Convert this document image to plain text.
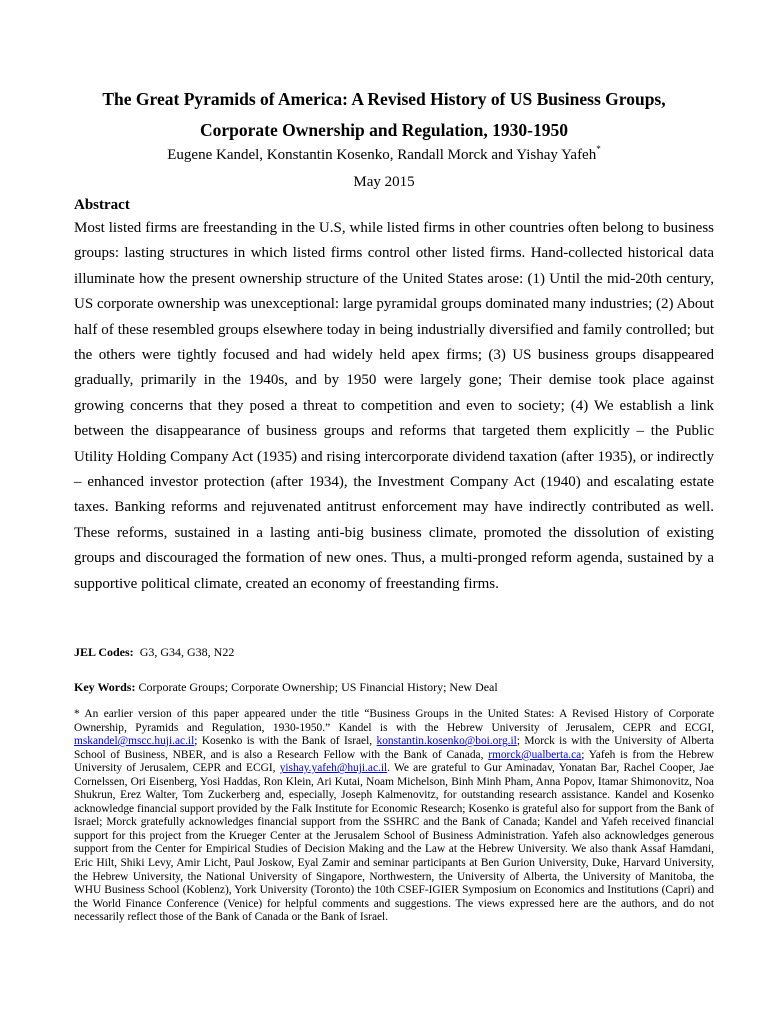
The Great Pyramids of America: A Revised History of US Business Groups,
Corporate Ownership and Regulation, 1930-1950
Eugene Kandel, Konstantin Kosenko, Randall Morck and Yishay Yafeh*
May 2015
Abstract

Most listed firms are freestanding in the U.S, while listed firms in other countries often belong to business groups: lasting structures in which listed firms control other listed firms. Hand-collected historical data illuminate how the present ownership structure of the United States arose: (1) Until the mid-20th century, US corporate ownership was unexceptional: large pyramidal groups dominated many industries; (2) About half of these resembled groups elsewhere today in being industrially diversified and family controlled; but the others were tightly focused and had widely held apex firms; (3) US business groups disappeared gradually, primarily in the 1940s, and by 1950 were largely gone; Their demise took place against growing concerns that they posed a threat to competition and even to society; (4) We establish a link between the disappearance of business groups and reforms that targeted them explicitly – the Public Utility Holding Company Act (1935) and rising intercorporate dividend taxation (after 1935), or indirectly – enhanced investor protection (after 1934), the Investment Company Act (1940) and escalating estate taxes. Banking reforms and rejuvenated antitrust enforcement may have indirectly contributed as well. These reforms, sustained in a lasting anti-big business climate, promoted the dissolution of existing groups and discouraged the formation of new ones. Thus, a multi-pronged reform agenda, sustained by a supportive political climate, created an economy of freestanding firms.

JEL Codes: G3, G34, G38, N22
Key Words: Corporate Groups; Corporate Ownership; US Financial History; New Deal

* An earlier version of this paper appeared under the title “Business Groups in the United States: A Revised History of Corporate Ownership, Pyramids and Regulation, 1930-1950.” Kandel is with the Hebrew University of Jerusalem, CEPR and ECGI, mskandel@mscc.huji.ac.il; Kosenko is with the Bank of Israel, konstantin.kosenko@boi.org.il; Morck is with the University of Alberta School of Business, NBER, and is also a Research Fellow with the Bank of Canada, rmorck@ualberta.ca; Yafeh is from the Hebrew University of Jerusalem, CEPR and ECGI, yishay.yafeh@huji.ac.il. We are grateful to Gur Aminadav, Yonatan Bar, Rachel Cooper, Jae Cornelssen, Ori Eisenberg, Yosi Haddas, Ron Klein, Ari Kutai, Noam Michelson, Binh Minh Pham, Anna Popov, Itamar Shimonovitz, Noa Shukrun, Erez Walter, Tom Zuckerberg and, especially, Joseph Kalmenovitz, for outstanding research assistance. Kandel and Kosenko acknowledge financial support provided by the Falk Institute for Economic Research; Kosenko is grateful also for support from the Bank of Israel; Morck gratefully acknowledges financial support from the SSHRC and the Bank of Canada; Kandel and Yafeh received financial support for this project from the Krueger Center at the Jerusalem School of Business Administration. Yafeh also acknowledges generous support from the Center for Empirical Studies of Decision Making and the Law at the Hebrew University. We also thank Assaf Hamdani, Eric Hilt, Shiki Levy, Amir Licht, Paul Joskow, Eyal Zamir and seminar participants at Ben Gurion University, Duke, Harvard University, the Hebrew University, the National University of Singapore, Northwestern, the University of Alberta, the University of Manitoba, the WHU Business School (Koblenz), York University (Toronto) the 10th CSEF-IGIER Symposium on Economics and Institutions (Capri) and the World Finance Conference (Venice) for helpful comments and suggestions. The views expressed here are the authors, and do not necessarily reflect those of the Bank of Canada or the Bank of Israel.
